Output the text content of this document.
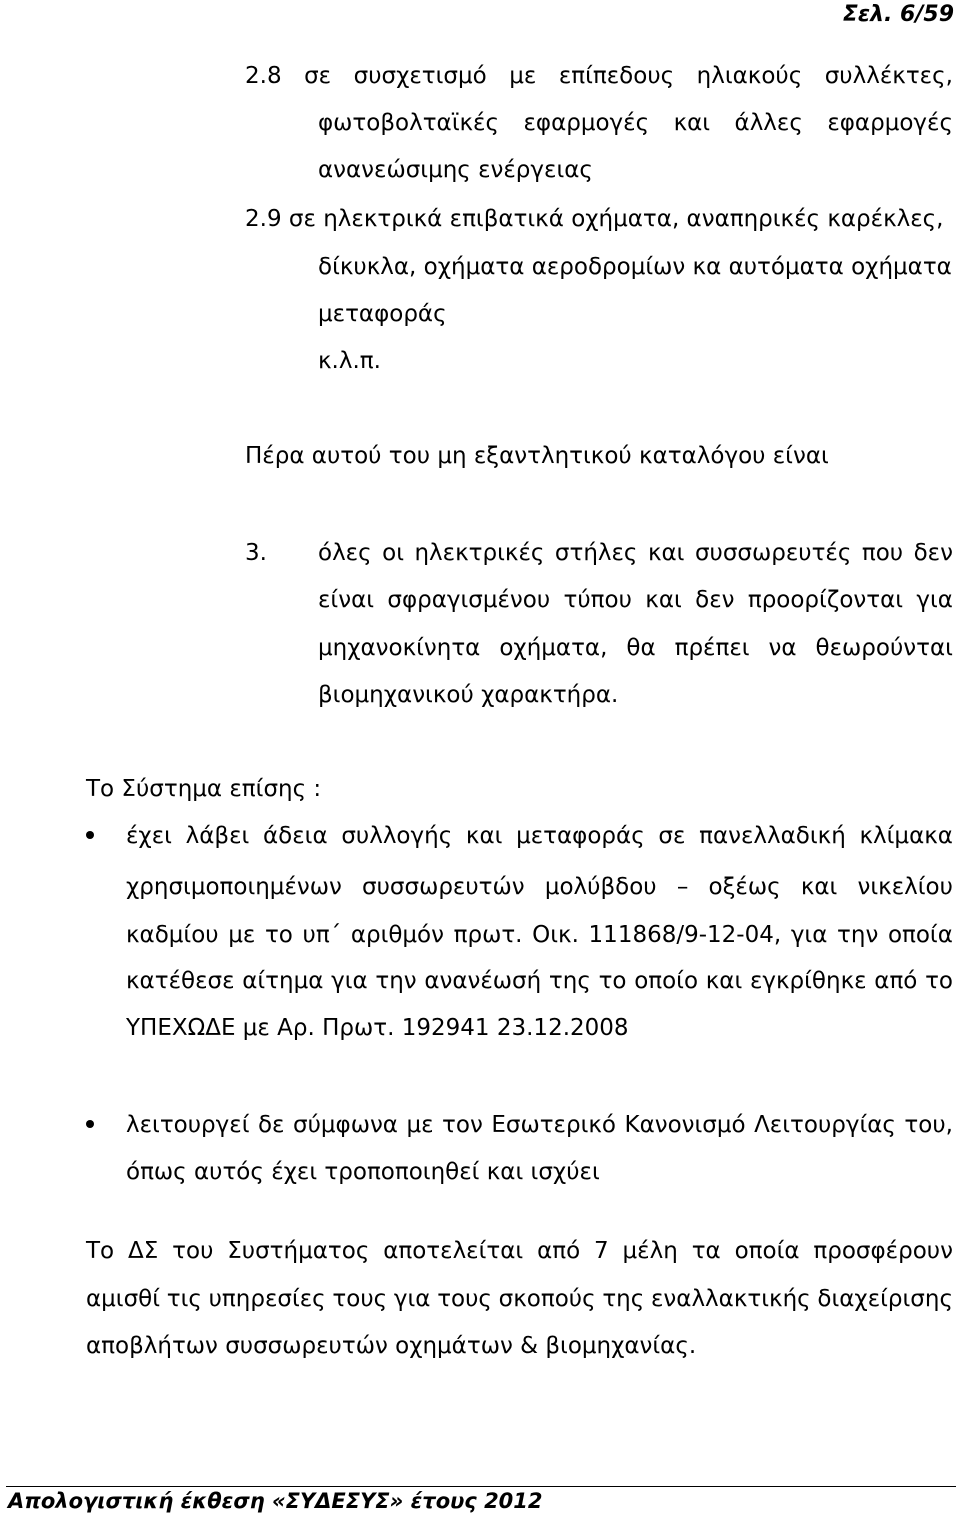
Σελ. 6/59
2.8 σε συσχετισμό με επίπεδους ηλιακούς συλλέκτες,
φωτοβολταϊκές εφαρμογές και άλλες εφαρμογές
ανανεώσιμης ενέργειας
2.9 σε ηλεκτρικά επιβατικά οχήματα, αναπηρικές καρέκλες,
δίκυκλα, οχήματα αεροδρομίων κα αυτόματα οχήματα
μεταφοράς
κ.λ.π.
Πέρα αυτού του μη εξαντλητικού καταλόγου είναι
3. όλες οι ηλεκτρικές στήλες και συσσωρευτές που δεν
είναι σφραγισμένου τύπου και δεν προορίζονται για
μηχανοκίνητα οχήματα, θα πρέπει να θεωρούνται
βιομηχανικού χαρακτήρα.
Το Σύστημα επίσης :
έχει λάβει άδεια συλλογής και μεταφοράς σε πανελλαδική κλίμακα
χρησιμοποιημένων συσσωρευτών μολύβδου – οξέως και νικελίου
καδμίου με το υπ΄ αριθμόν πρωτ. Οικ. 111868/9-12-04, για την οποία
κατέθεσε αίτημα για την ανανέωσή της το οποίο και εγκρίθηκε από το
ΥΠΕΧΩΔΕ με Αρ. Πρωτ. 192941 23.12.2008
λειτουργεί δε σύμφωνα με τον Εσωτερικό Κανονισμό Λειτουργίας του,
όπως αυτός έχει τροποποιηθεί και ισχύει
Το ΔΣ του Συστήματος αποτελείται από 7 μέλη τα οποία προσφέρουν
αμισθί τις υπηρεσίες τους για τους σκοπούς της εναλλακτικής διαχείρισης
αποβλήτων συσσωρευτών οχημάτων & βιομηχανίας.
Απολογιστική έκθεση «ΣΥΔΕΣΥΣ» έτους 2012
